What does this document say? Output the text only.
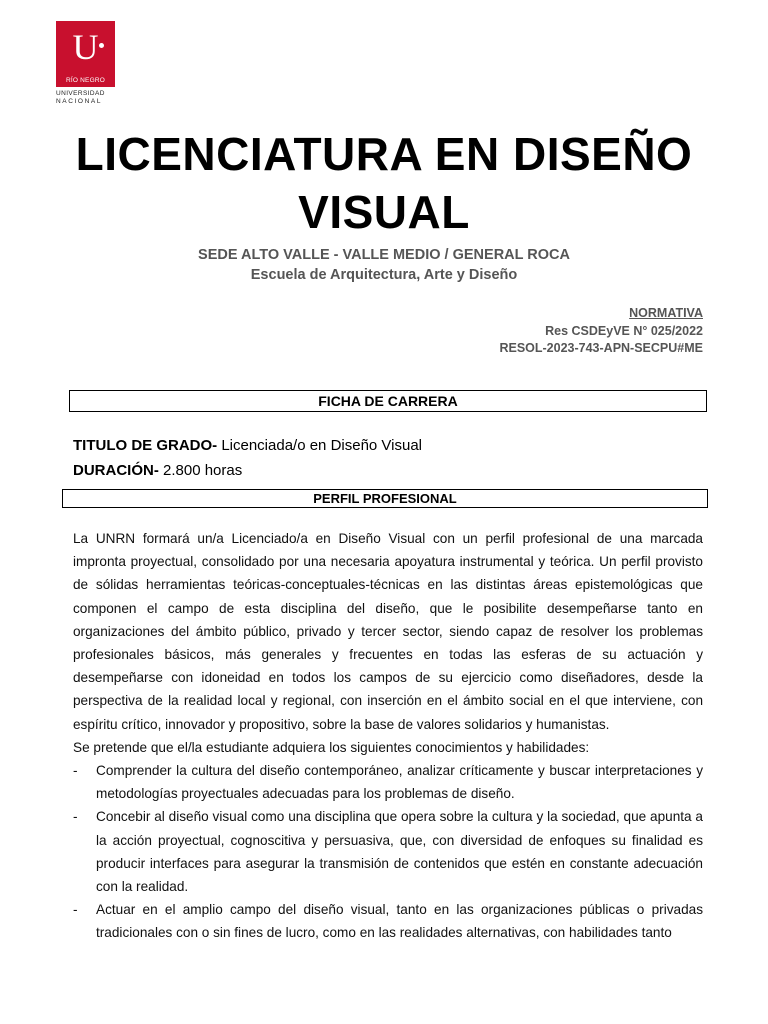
U
RÍO NEGRO
UNIVERSIDAD
NACIONAL
LICENCIATURA EN DISEÑO VISUAL
SEDE ALTO VALLE - VALLE MEDIO / GENERAL ROCA
Escuela de Arquitectura, Arte y Diseño
NORMATIVA
Res CSDEyVE N° 025/2022
RESOL-2023-743-APN-SECPU#ME
FICHA DE CARRERA
TITULO DE GRADO- Licenciada/o en Diseño Visual
DURACIÓN- 2.800 horas
PERFIL PROFESIONAL

La UNRN formará un/a Licenciado/a en Diseño Visual con un perfil profesional de una marcada impronta proyectual, consolidado por una necesaria apoyatura instrumental y teórica. Un perfil provisto de sólidas herramientas teóricas-conceptuales-técnicas en las distintas áreas epistemológicas que componen el campo de esta disciplina del diseño, que le posibilite desempeñarse tanto en organizaciones del ámbito público, privado y tercer sector, siendo capaz de resolver los problemas profesionales básicos, más generales y frecuentes en todas las esferas de su actuación y desempeñarse con idoneidad en todos los campos de su ejercicio como diseñadores, desde la perspectiva de la realidad local y regional, con inserción en el ámbito social en el que interviene, con espíritu crítico, innovador y propositivo, sobre la base de valores solidarios y humanistas.

Se pretende que el/la estudiante adquiera los siguientes conocimientos y habilidades:

- Comprender la cultura del diseño contemporáneo, analizar críticamente y buscar interpretaciones y metodologías proyectuales adecuadas para los problemas de diseño.
- Concebir al diseño visual como una disciplina que opera sobre la cultura y la sociedad, que apunta a la acción proyectual, cognoscitiva y persuasiva, que, con diversidad de enfoques su finalidad es producir interfaces para asegurar la transmisión de contenidos que estén en constante adecuación con la realidad.
- Actuar en el amplio campo del diseño visual, tanto en las organizaciones públicas o privadas tradicionales con o sin fines de lucro, como en las realidades alternativas, con habilidades tanto
